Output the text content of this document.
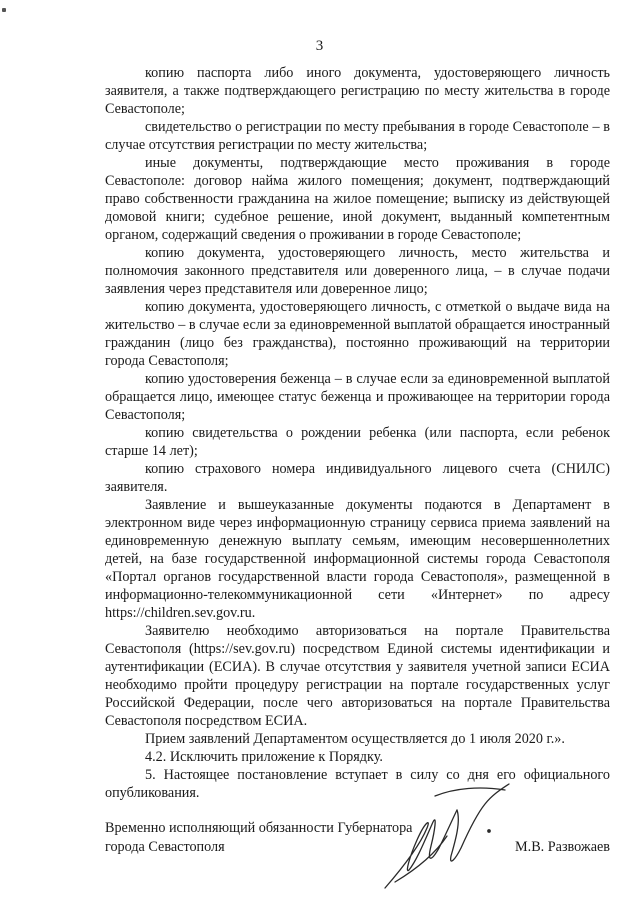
3

копию паспорта либо иного документа, удостоверяющего личность заявителя, а также подтверждающего регистрацию по месту жительства в городе Севастополе;

свидетельство о регистрации по месту пребывания в городе Севастополе – в случае отсутствия регистрации по месту жительства;

иные документы, подтверждающие место проживания в городе Севастополе: договор найма жилого помещения; документ, подтверждающий право собственности гражданина на жилое помещение; выписку из действующей домовой книги; судебное решение, иной документ, выданный компетентным органом, содержащий сведения о проживании в городе Севастополе;

копию документа, удостоверяющего личность, место жительства и полномочия законного представителя или доверенного лица, – в случае подачи заявления через представителя или доверенное лицо;

копию документа, удостоверяющего личность, с отметкой о выдаче вида на жительство – в случае если за единовременной выплатой обращается иностранный гражданин (лицо без гражданства), постоянно проживающий на территории города Севастополя;

копию удостоверения беженца – в случае если за единовременной выплатой обращается лицо, имеющее статус беженца и проживающее на территории города Севастополя;

копию свидетельства о рождении ребенка (или паспорта, если ребенок старше 14 лет);

копию страхового номера индивидуального лицевого счета (СНИЛС) заявителя.

Заявление и вышеуказанные документы подаются в Департамент в электронном виде через информационную страницу сервиса приема заявлений на единовременную денежную выплату семьям, имеющим несовершеннолетних детей, на базе государственной информационной системы города Севастополя «Портал органов государственной власти города Севастополя», размещенной в информационно-телекоммуникационной сети «Интернет» по адресу https://children.sev.gov.ru.

Заявителю необходимо авторизоваться на портале Правительства Севастополя (https://sev.gov.ru) посредством Единой системы идентификации и аутентификации (ЕСИА). В случае отсутствия у заявителя учетной записи ЕСИА необходимо пройти процедуру регистрации на портале государственных услуг Российской Федерации, после чего авторизоваться на портале Правительства Севастополя посредством ЕСИА.

Прием заявлений Департаментом осуществляется до 1 июля 2020 г.».

4.2. Исключить приложение к Порядку.

5. Настоящее постановление вступает в силу со дня его официального опубликования.

Временно исполняющий обязанности Губернатора города Севастополя	М.В. Развожаев
